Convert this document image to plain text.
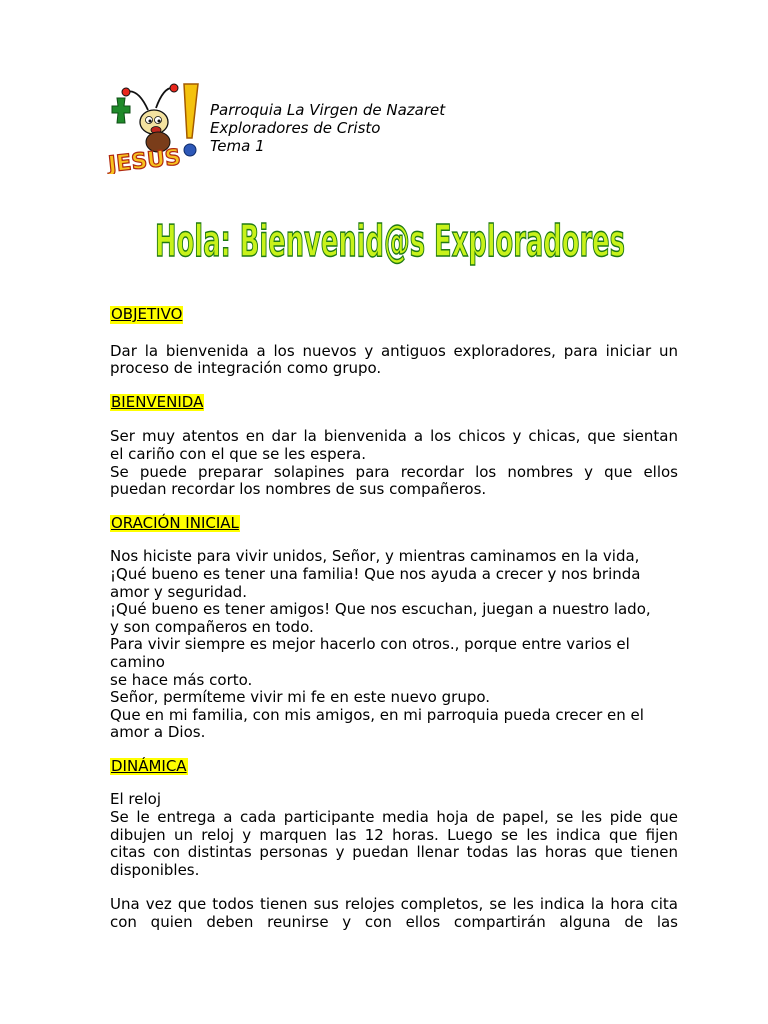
JESUS
Parroquia La Virgen de Nazaret
Exploradores de Cristo
Tema 1
Hola: Bienvenid@s Exploradores
OBJETIVO

Dar la bienvenida a los nuevos y antiguos exploradores, para iniciar un

proceso de integración como grupo.

BIENVENIDA

Ser muy atentos en dar la bienvenida a los chicos y chicas, que sientan

el cariño con el que se les espera.

Se puede preparar solapines para recordar los nombres y que ellos

puedan recordar los nombres de sus compañeros.

ORACIÓN INICIAL

Nos hiciste para vivir unidos, Señor, y mientras caminamos en la vida,

¡Qué bueno es tener una familia! Que nos ayuda a crecer y nos brinda

amor y seguridad.

¡Qué bueno es tener amigos! Que nos escuchan, juegan a nuestro lado,

y son compañeros en todo.

Para vivir siempre es mejor hacerlo con otros., porque entre varios el

camino

se hace más corto.

Señor, permíteme vivir mi fe en este nuevo grupo.

Que en mi familia, con mis amigos, en mi parroquia pueda crecer en el

amor a Dios.

DINÁMICA

El reloj

Se le entrega a cada participante media hoja de papel, se les pide que

dibujen un reloj y marquen las 12 horas. Luego se les indica que fijen

citas con distintas personas y puedan llenar todas las horas que tienen

disponibles.

Una vez que todos tienen sus relojes completos, se les indica la hora cita

con quien deben reunirse y con ellos compartirán alguna de las
